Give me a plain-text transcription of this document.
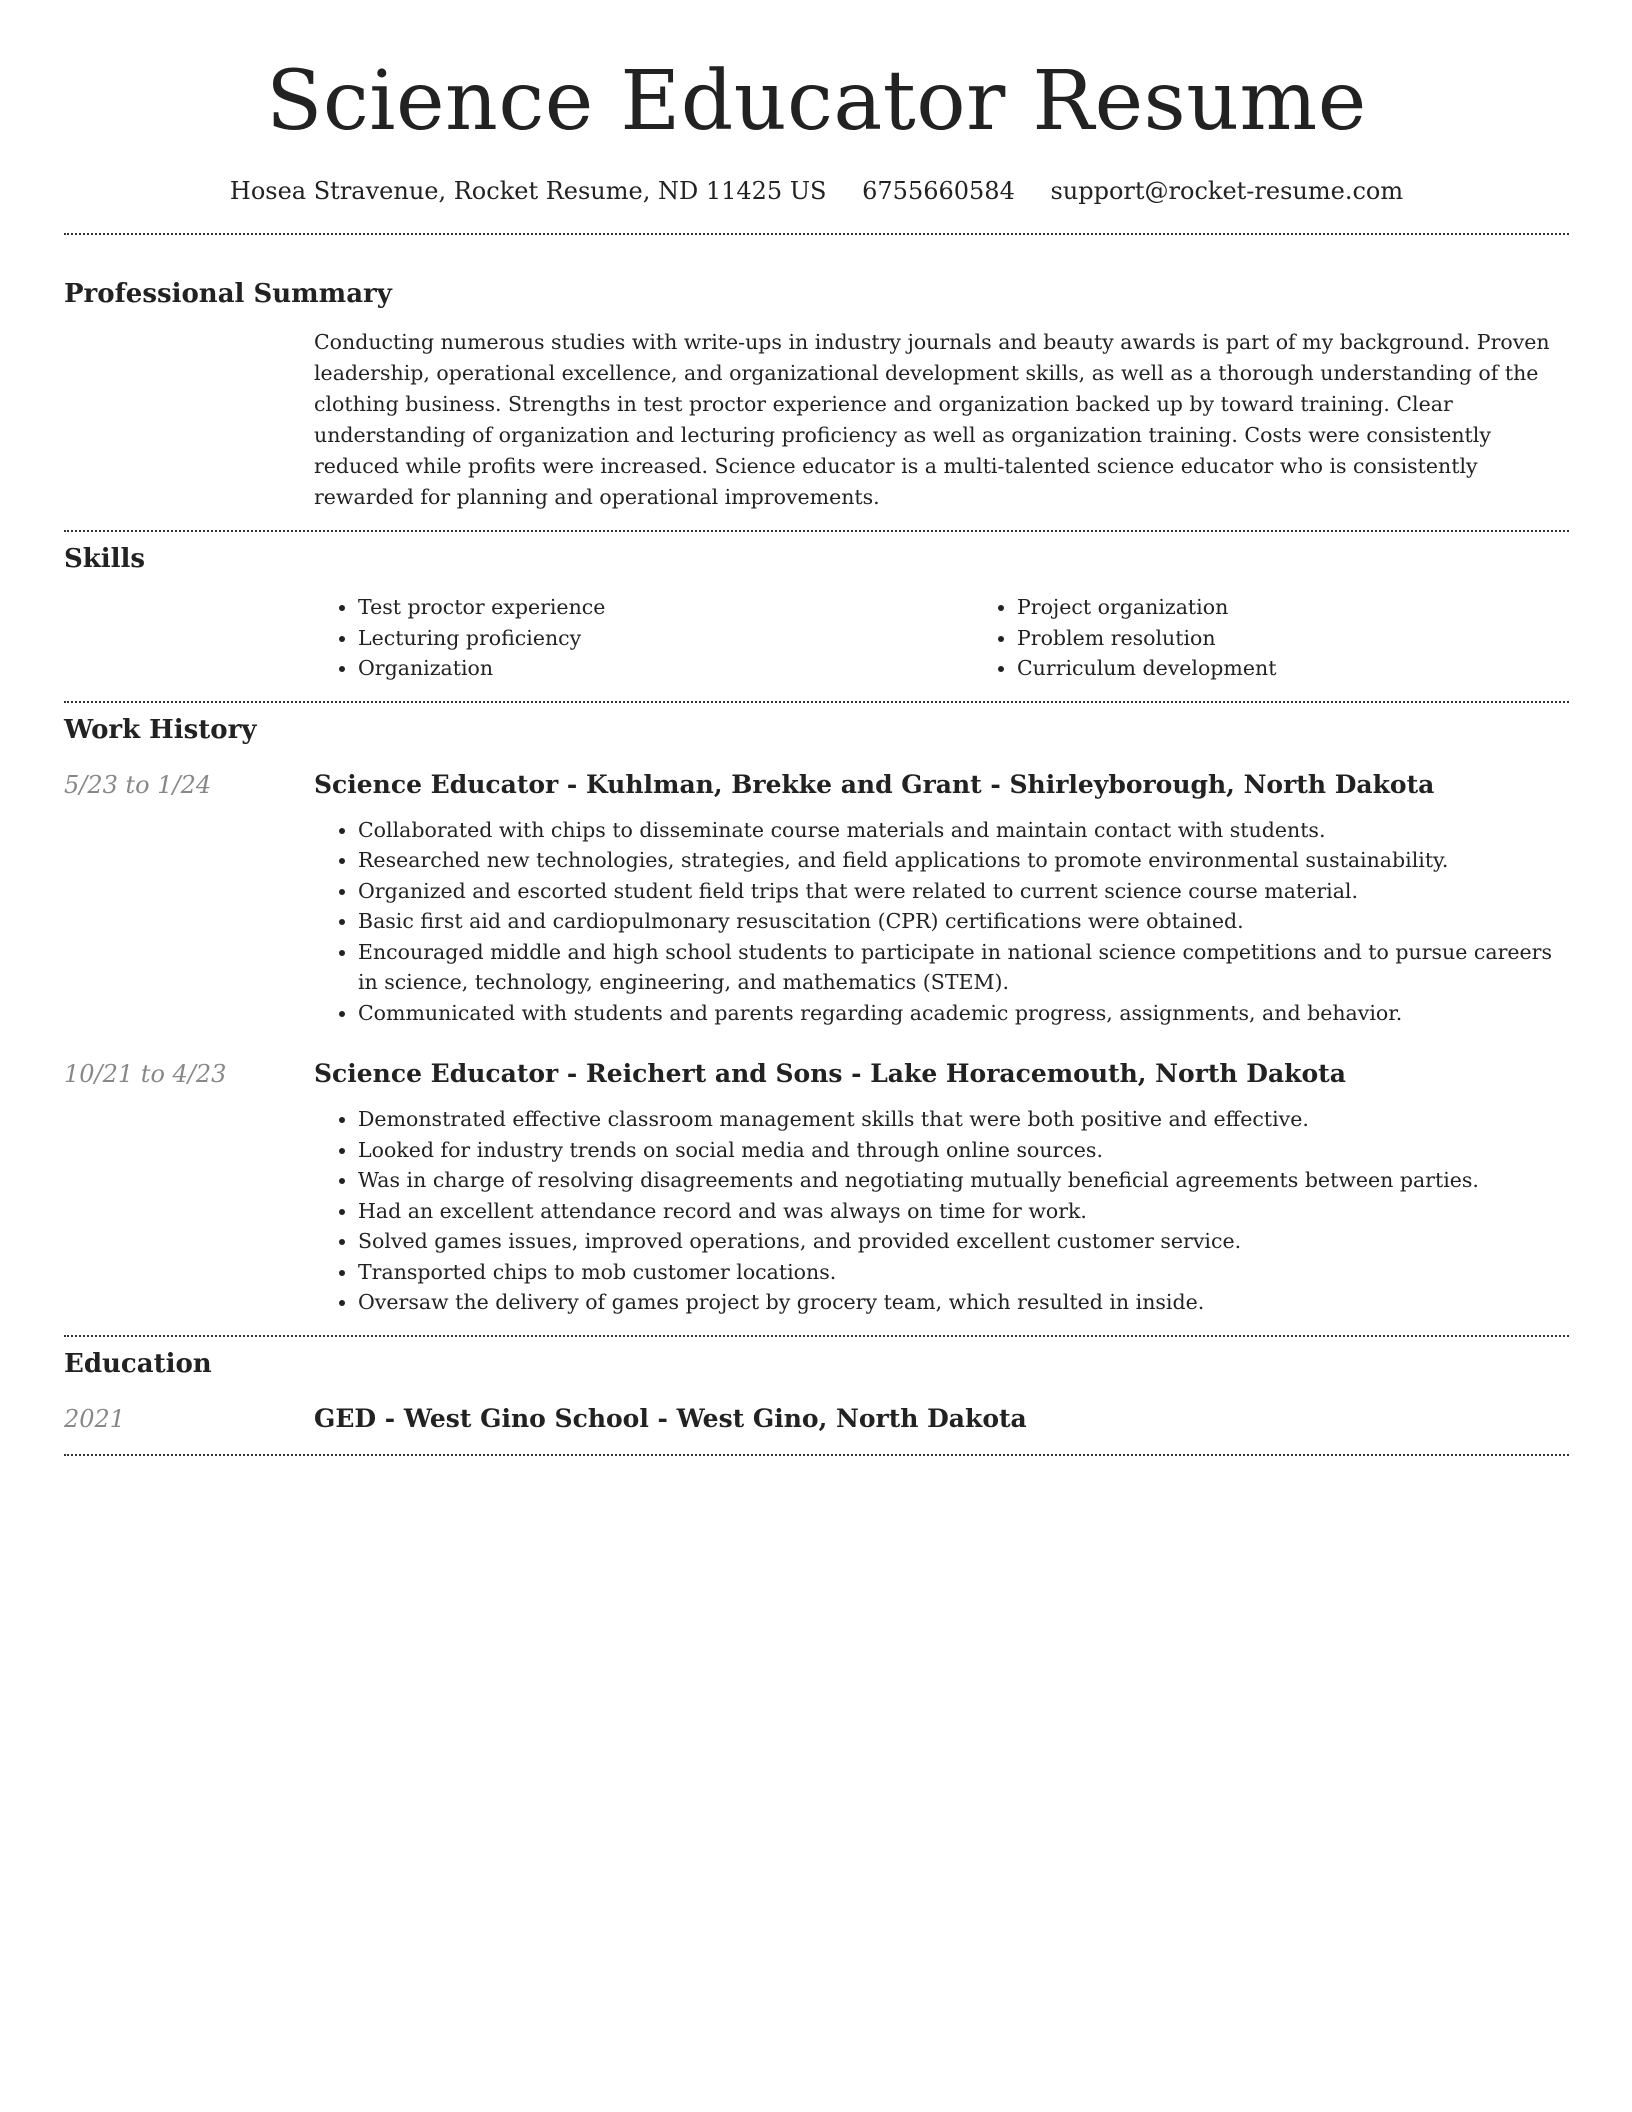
Science Educator Resume
Hosea Stravenue, Rocket Resume, ND 11425 US 6755660584 support@rocket-resume.com
Professional Summary

Conducting numerous studies with write-ups in industry journals and beauty awards is part of my background. Proven leadership, operational excellence, and organizational development skills, as well as a thorough understanding of the clothing business. Strengths in test proctor experience and organization backed up by toward training. Clear understanding of organization and lecturing proficiency as well as organization training. Costs were consistently reduced while profits were increased. Science educator is a multi-talented science educator who is consistently rewarded for planning and operational improvements.

Skills
• Test proctor experience
• Lecturing proficiency
• Organization
• Project organization
• Problem resolution
• Curriculum development
Work History
5/23 to 1/24	Science Educator - Kuhlman, Brekke and Grant - Shirleyborough, North Dakota
• Collaborated with chips to disseminate course materials and maintain contact with students.
• Researched new technologies, strategies, and field applications to promote environmental sustainability.
• Organized and escorted student field trips that were related to current science course material.
• Basic first aid and cardiopulmonary resuscitation (CPR) certifications were obtained.
• Encouraged middle and high school students to participate in national science competitions and to pursue careers in science, technology, engineering, and mathematics (STEM).
• Communicated with students and parents regarding academic progress, assignments, and behavior.
10/21 to 4/23	Science Educator - Reichert and Sons - Lake Horacemouth, North Dakota
• Demonstrated effective classroom management skills that were both positive and effective.
• Looked for industry trends on social media and through online sources.
• Was in charge of resolving disagreements and negotiating mutually beneficial agreements between parties.
• Had an excellent attendance record and was always on time for work.
• Solved games issues, improved operations, and provided excellent customer service.
• Transported chips to mob customer locations.
• Oversaw the delivery of games project by grocery team, which resulted in inside.
Education
2021	GED - West Gino School - West Gino, North Dakota
